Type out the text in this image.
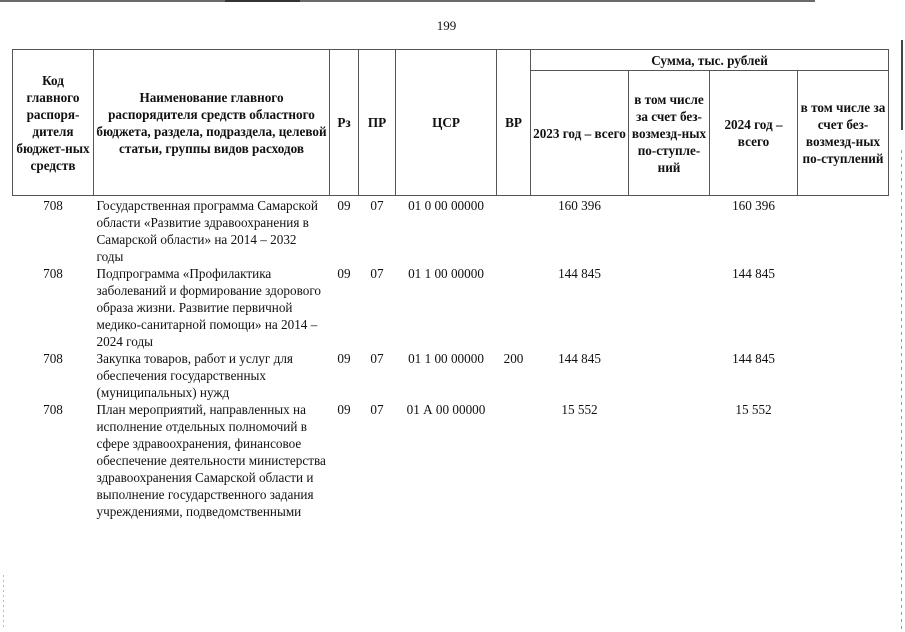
199
Код главного распоря-дителя бюджет-ных средств	Наименование главного распорядителя средств областного бюджета, раздела, подраздела, целевой статьи, группы видов расходов	Рз	ПР	ЦСР	ВР	Сумма, тыс. рублей			
						2023 год – всего	в том числе за счет без-возмезд-ных по-ступле-ний	2024 год – всего	в том числе за счет без-возмезд-ных по-ступлений
708	Государственная программа Самарской области «Развитие здравоохранения в Самарской области» на 2014 – 2032 годы	09	07	01 0 00 00000		160 396		160 396	
708	Подпрограмма «Профилактика заболеваний и формирование здорового образа жизни. Развитие первичной медико-санитарной помощи» на 2014 – 2024 годы	09	07	01 1 00 00000		144 845		144 845	
708	Закупка товаров, работ и услуг для обеспечения государственных (муниципальных) нужд	09	07	01 1 00 00000	200	144 845		144 845	
708	План мероприятий, направленных на исполнение отдельных полномочий в сфере здравоохранения, финансовое обеспечение деятельности министерства здравоохранения Самарской области и выполнение государственного задания учреждениями, подведомственными	09	07	01 А 00 00000		15 552		15 552	
